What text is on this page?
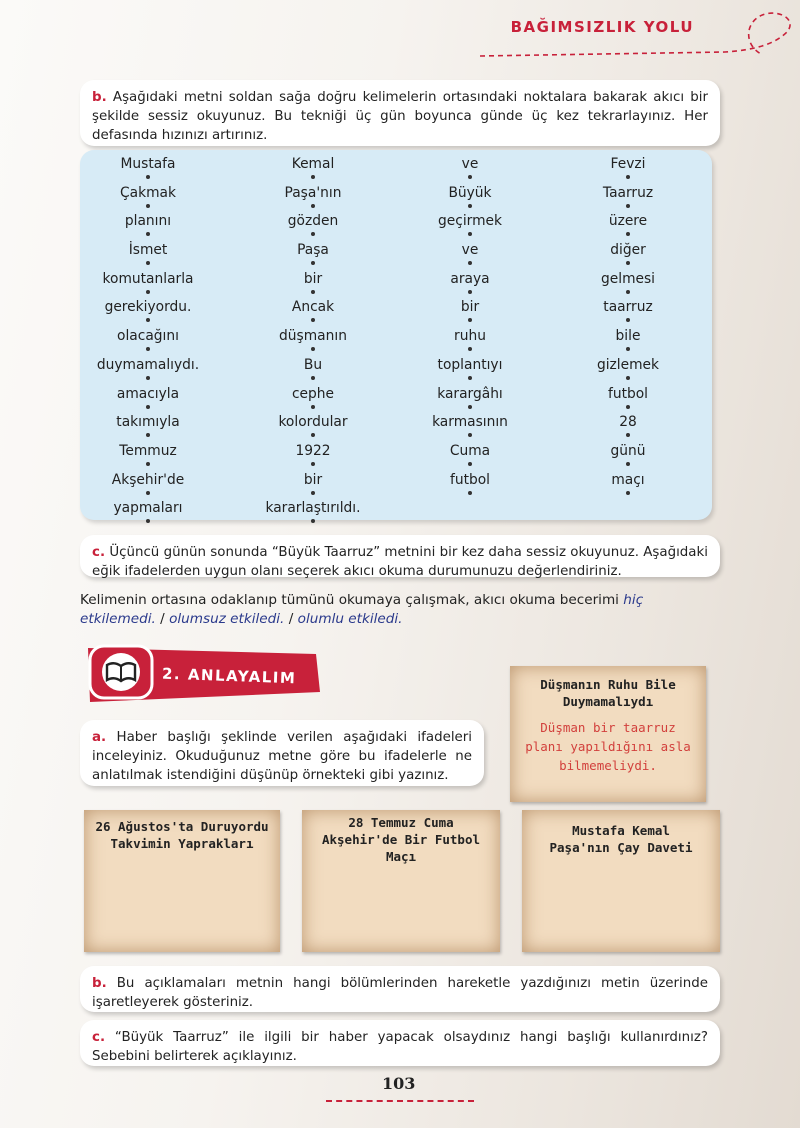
BAĞIMSIZLIK YOLU
b. Aşağıdaki metni soldan sağa doğru kelimelerin ortasındaki noktalara bakarak akıcı bir şekilde sessiz okuyunuz. Bu tekniği üç gün boyunca günde üç kez tekrarlayınız. Her defasında hızınızı artırınız.
Mustafa
Çakmak
planını
İsmet
komutanlarla
gerekiyordu.
olacağını
duymamalıydı.
amacıyla
takımıyla
Temmuz
Akşehir'de
yapmaları
Kemal
Paşa'nın
gözden
Paşa
bir
Ancak
düşmanın
Bu
cephe
kolordular
1922
bir
kararlaştırıldı.
ve
Büyük
geçirmek
ve
araya
bir
ruhu
toplantıyı
karargâhı
karmasının
Cuma
futbol
Fevzi
Taarruz
üzere
diğer
gelmesi
taarruz
bile
gizlemek
futbol
28
günü
maçı
c. Üçüncü günün sonunda “Büyük Taarruz” metnini bir kez daha sessiz okuyunuz. Aşağıdaki eğik ifadelerden uygun olanı seçerek akıcı okuma durumunuzu değerlendiriniz.
Kelimenin ortasına odaklanıp tümünü okumaya çalışmak, akıcı okuma becerimi hiç etkilemedi. / olumsuz etkiledi. / olumlu etkiledi.
2. ANLAYALIM
a. Haber başlığı şeklinde verilen aşağıdaki ifadeleri inceleyiniz. Okuduğunuz metne göre bu ifadelerle ne anlatılmak istendiğini düşünüp örnekteki gibi yazınız.
Düşmanın Ruhu Bile Duymamalıydı
Düşman bir taarruz planı yapıldığını asla bilmemeliydi.
26 Ağustos'ta Duruyordu Takvimin Yaprakları
28 Temmuz Cuma Akşehir'de Bir Futbol Maçı
Mustafa Kemal Paşa'nın Çay Daveti
b. Bu açıklamaları metnin hangi bölümlerinden hareketle yazdığınızı metin üzerinde işaretleyerek gösteriniz.
c. “Büyük Taarruz” ile ilgili bir haber yapacak olsaydınız hangi başlığı kullanırdınız? Sebebini belirterek açıklayınız.
103
